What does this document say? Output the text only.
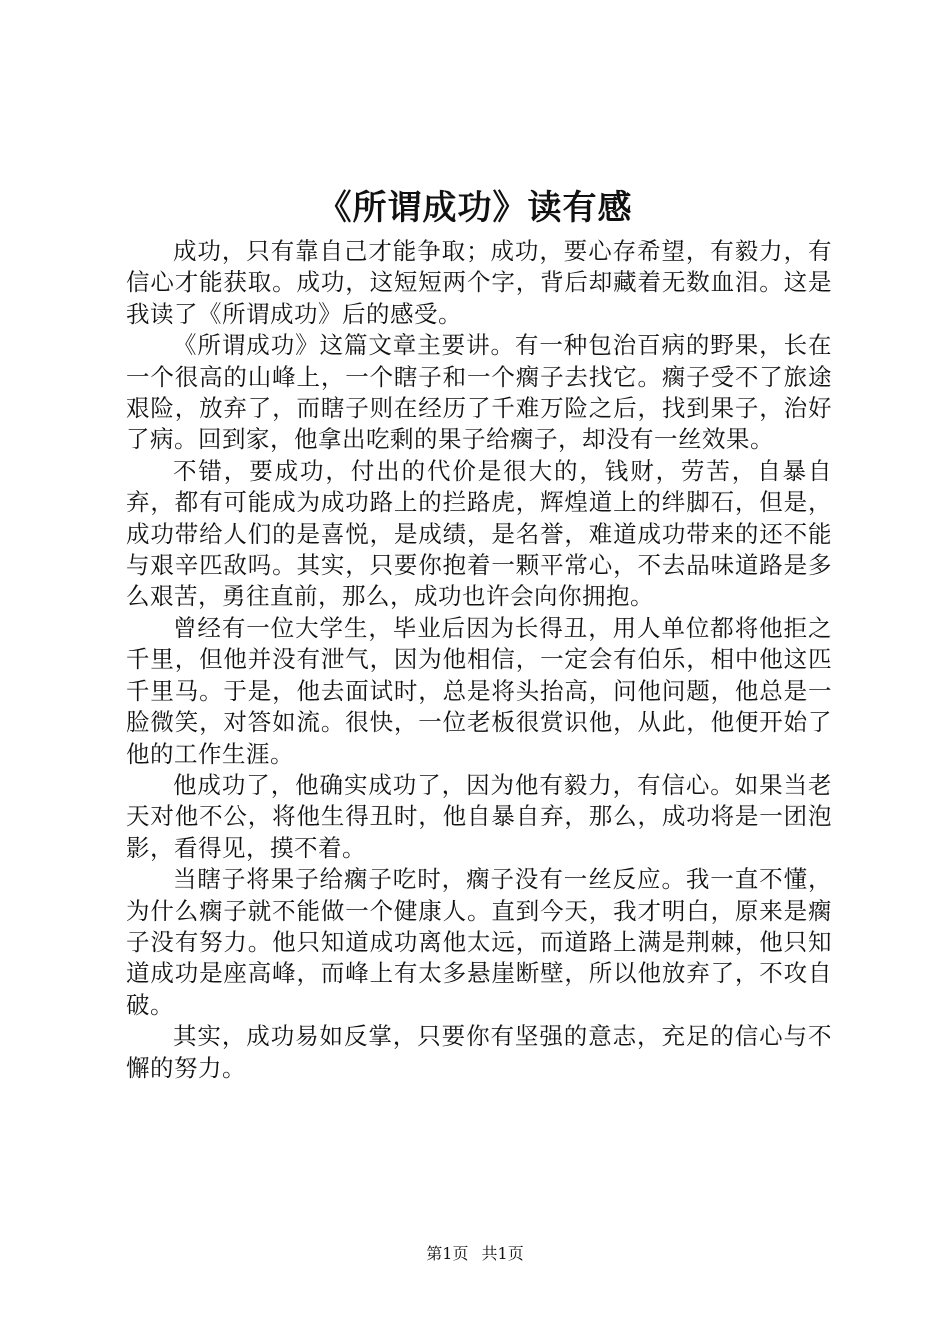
《所谓成功》读有感

成功，只有靠自己才能争取；成功，要心存希望，有毅力，有信心才能获取。成功，这短短两个字，背后却藏着无数血泪。这是我读了《所谓成功》后的感受。

《所谓成功》这篇文章主要讲。有一种包治百病的野果，长在一个很高的山峰上，一个瞎子和一个瘸子去找它。瘸子受不了旅途艰险，放弃了，而瞎子则在经历了千难万险之后，找到果子，治好了病。回到家，他拿出吃剩的果子给瘸子，却没有一丝效果。

不错，要成功，付出的代价是很大的，钱财，劳苦，自暴自弃，都有可能成为成功路上的拦路虎，辉煌道上的绊脚石，但是，成功带给人们的是喜悦，是成绩，是名誉，难道成功带来的还不能与艰辛匹敌吗。其实，只要你抱着一颗平常心，不去品味道路是多么艰苦，勇往直前，那么，成功也许会向你拥抱。

曾经有一位大学生，毕业后因为长得丑，用人单位都将他拒之千里，但他并没有泄气，因为他相信，一定会有伯乐，相中他这匹千里马。于是，他去面试时，总是将头抬高，问他问题，他总是一脸微笑，对答如流。很快，一位老板很赏识他，从此，他便开始了他的工作生涯。

他成功了，他确实成功了，因为他有毅力，有信心。如果当老天对他不公，将他生得丑时，他自暴自弃，那么，成功将是一团泡影，看得见，摸不着。

当瞎子将果子给瘸子吃时，瘸子没有一丝反应。我一直不懂，为什么瘸子就不能做一个健康人。直到今天，我才明白，原来是瘸子没有努力。他只知道成功离他太远，而道路上满是荆棘，他只知道成功是座高峰，而峰上有太多悬崖断壁，所以他放弃了，不攻自破。

其实，成功易如反掌，只要你有坚强的意志，充足的信心与不懈的努力。

第1页 共1页
